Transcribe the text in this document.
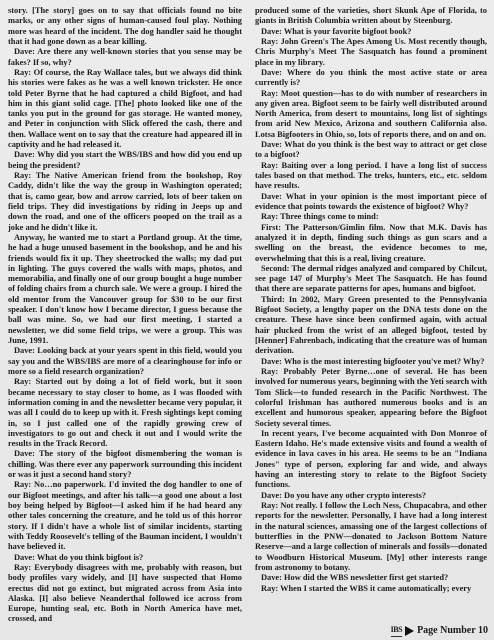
story. [The story] goes on to say that officials found no bite marks, or any other signs of human-caused foul play. Nothing more was heard of the incident. The dog handler said he thought that it had gone down as a bear killing.

Dave: Are there any well-known stories that you sense may be fakes? If so, why?

Ray: Of course, the Ray Wallace tales, but we always did think his stories were fakes as he was a well known trickster. He once told Peter Byrne that he had captured a child Bigfoot, and had him in this giant solid cage. [The] photo looked like one of the tanks you put in the ground for gas storage. He wanted money, and Peter in conjunction with Slick offered the cash, there and then. Wallace went on to say that the creature had appeared ill in captivity and he had released it.

Dave: Why did you start the WBS/IBS and how did you end up being the president?

Ray: The Native American friend from the bookshop, Roy Caddy, didn't like the way the group in Washington operated; that is, camo gear, bow and arrow carried, lots of beer taken on field trips. They did investigations by riding in Jeeps up and down the road, and one of the officers pooped on the trail as a joke and he didn't like it.

Anyway, he wanted me to start a Portland group. At the time, he had a huge unused basement in the bookshop, and he and his friends would fix it up. They sheetrocked the walls; my dad put in lighting. The guys covered the walls with maps, photos, and memorabilia, and finally one of our group bought a huge number of folding chairs from a church sale. We were a group. I hired the old mentor from the Vancouver group for $30 to be our first speaker. I don't know how I became director, I guess because the ball was mine. So, we had our first meeting, I started a newsletter, we did some field trips, we were a group. This was June, 1991.

Dave: Looking back at your years spent in this field, would you say you and the WBS/IBS are more of a clearinghouse for info or more so a field research organization?

Ray: Started out by doing a lot of field work, but it soon became necessary to stay closer to home, as I was flooded with information coming in and the newsletter became very popular, it was all I could do to keep up with it. Fresh sightings kept coming in, so I just called one of the rapidly growing crew of investigators to go out and check it out and I would write the results in the Track Record.

Dave: The story of the bigfoot dismembering the woman is chilling. Was there ever any paperwork surrounding this incident or was it just a second hand story?

Ray: No…no paperwork. I'd invited the dog handler to one of our Bigfoot meetings, and after his talk—a good one about a lost boy being helped by Bigfoot—I asked him if he had heard any other tales concerning the creature, and he told us of this horror story. If I didn't have a whole list of similar incidents, starting with Teddy Roosevelt's telling of the Bauman incident, I wouldn't have believed it.

Dave: What do you think bigfoot is?

Ray: Everybody disagrees with me, probably with reason, but body profiles vary widely, and [I] have suspected that Homo erectus did not go extinct, but migrated across from Asia into Alaska. [I] also believe Neanderthal followed ice across from Europe, hunting seal, etc. Both in North America have met, crossed, and

produced some of the varieties, short Skunk Ape of Florida, to giants in British Columbia written about by Steenburg.

Dave: What is your favorite bigfoot book?

Ray: John Green's The Apes Among Us. Most recently though, Chris Murphy's Meet The Sasquatch has found a prominent place in my library.

Dave: Where do you think the most active state or area currently is?

Ray: Moot question—has to do with number of researchers in any given area. Bigfoot seem to be fairly well distributed around North America, from desert to mountains, long list of sightings from arid New Mexico, Arizona and southern California also. Lotsa Bigfooters in Ohio, so, lots of reports there, and on and on.

Dave: What do you think is the best way to attract or get close to a bigfoot?

Ray: Baiting over a long period. I have a long list of success tales based on that method. The treks, hunters, etc., etc. seldom have results.

Dave: What in your opinion is the most important piece of evidence that points towards the existence of bigfoot? Why?

Ray: Three things come to mind:

First: The Patterson/Gimlin film. Now that M.K. Davis has analyzed it in depth, finding such things as gun scars and a swelling on the breast, the evidence becomes to me, overwhelming that this is a real, living creature.

Second: The dermal ridges analyzed and compared by Chilcut, see page 147 of Murphy's Meet The Sasquatch. He has found that there are separate patterns for apes, humans and bigfoot.

Third: In 2002, Mary Green presented to the Pennsylvania Bigfoot Society, a lengthy paper on the DNA tests done on the creature. These have since been confirmed again, with actual hair plucked from the wrist of an alleged bigfoot, tested by [Henner] Fahrenbach, indicating that the creature was of human derivation.

Dave: Who is the most interesting bigfooter you've met? Why?

Ray: Probably Peter Byrne…one of several. He has been involved for numerous years, beginning with the Yeti search with Tom Slick—to funded research in the Pacific Northwest. The colorful Irishman has authored numerous books and is an excellent and humorous speaker, appearing before the Bigfoot Society several times.

In recent years, I've become acquainted with Don Monroe of Eastern Idaho. He's made extensive visits and found a wealth of evidence in lava caves in his area. He seems to be an "Indiana Jones" type of person, exploring far and wide, and always having an interesting story to relate to the Bigfoot Society functions.

Dave: Do you have any other crypto interests?

Ray: Not really. I follow the Loch Ness, Chupacabra, and other reports for the newsletter. Personally, I have had a long interest in the natural sciences, amassing one of the largest collections of butterflies in the PNW—donated to Jackson Bottom Nature Reserve—and a large collection of minerals and fossils—donated to Woodburn Historical Museum. [My] other interests range from astronomy to botany.

Dave: How did the WBS newsletter first get started?

Ray: When I started the WBS it came automatically; every

IBS Page Number 10
